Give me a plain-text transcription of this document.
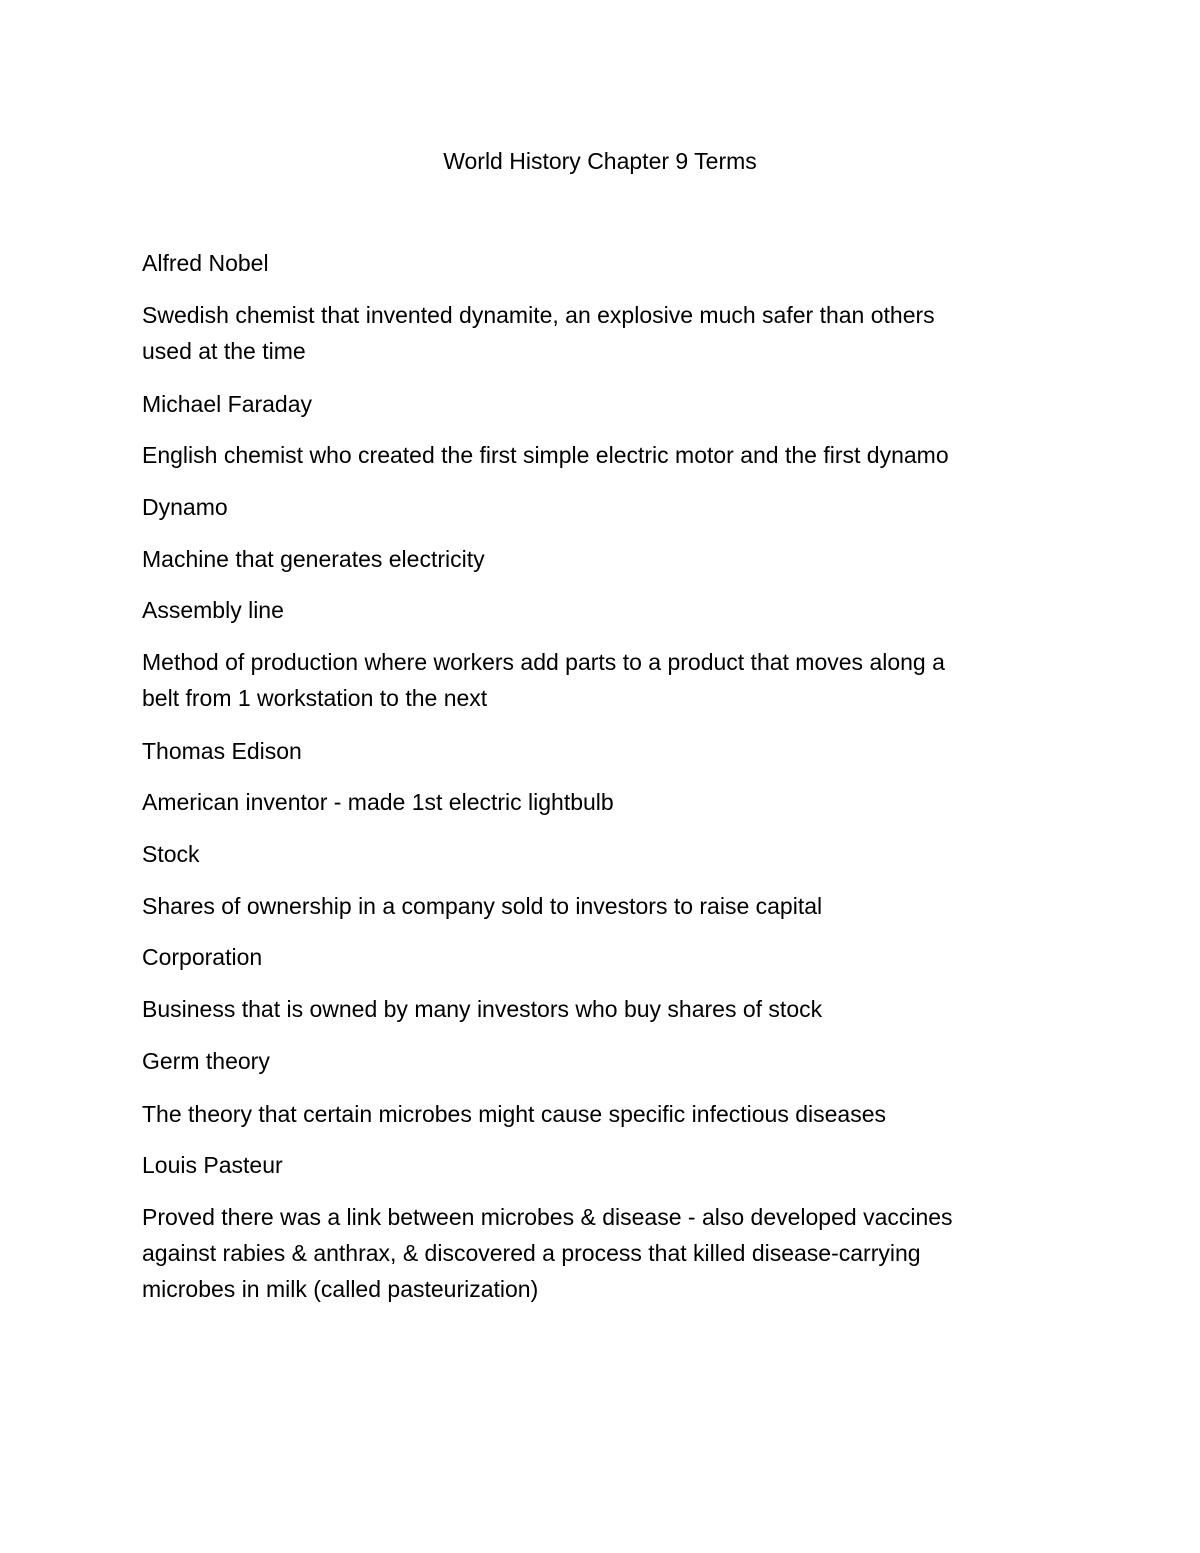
World History Chapter 9 Terms

Alfred Nobel

Swedish chemist that invented dynamite, an explosive much safer than others

used at the time

Michael Faraday

English chemist who created the first simple electric motor and the first dynamo

Dynamo

Machine that generates electricity

Assembly line

Method of production where workers add parts to a product that moves along a

belt from 1 workstation to the next

Thomas Edison

American inventor - made 1st electric lightbulb

Stock

Shares of ownership in a company sold to investors to raise capital

Corporation

Business that is owned by many investors who buy shares of stock

Germ theory

The theory that certain microbes might cause specific infectious diseases

Louis Pasteur

Proved there was a link between microbes & disease - also developed vaccines

against rabies & anthrax, & discovered a process that killed disease-carrying

microbes in milk (called pasteurization)
